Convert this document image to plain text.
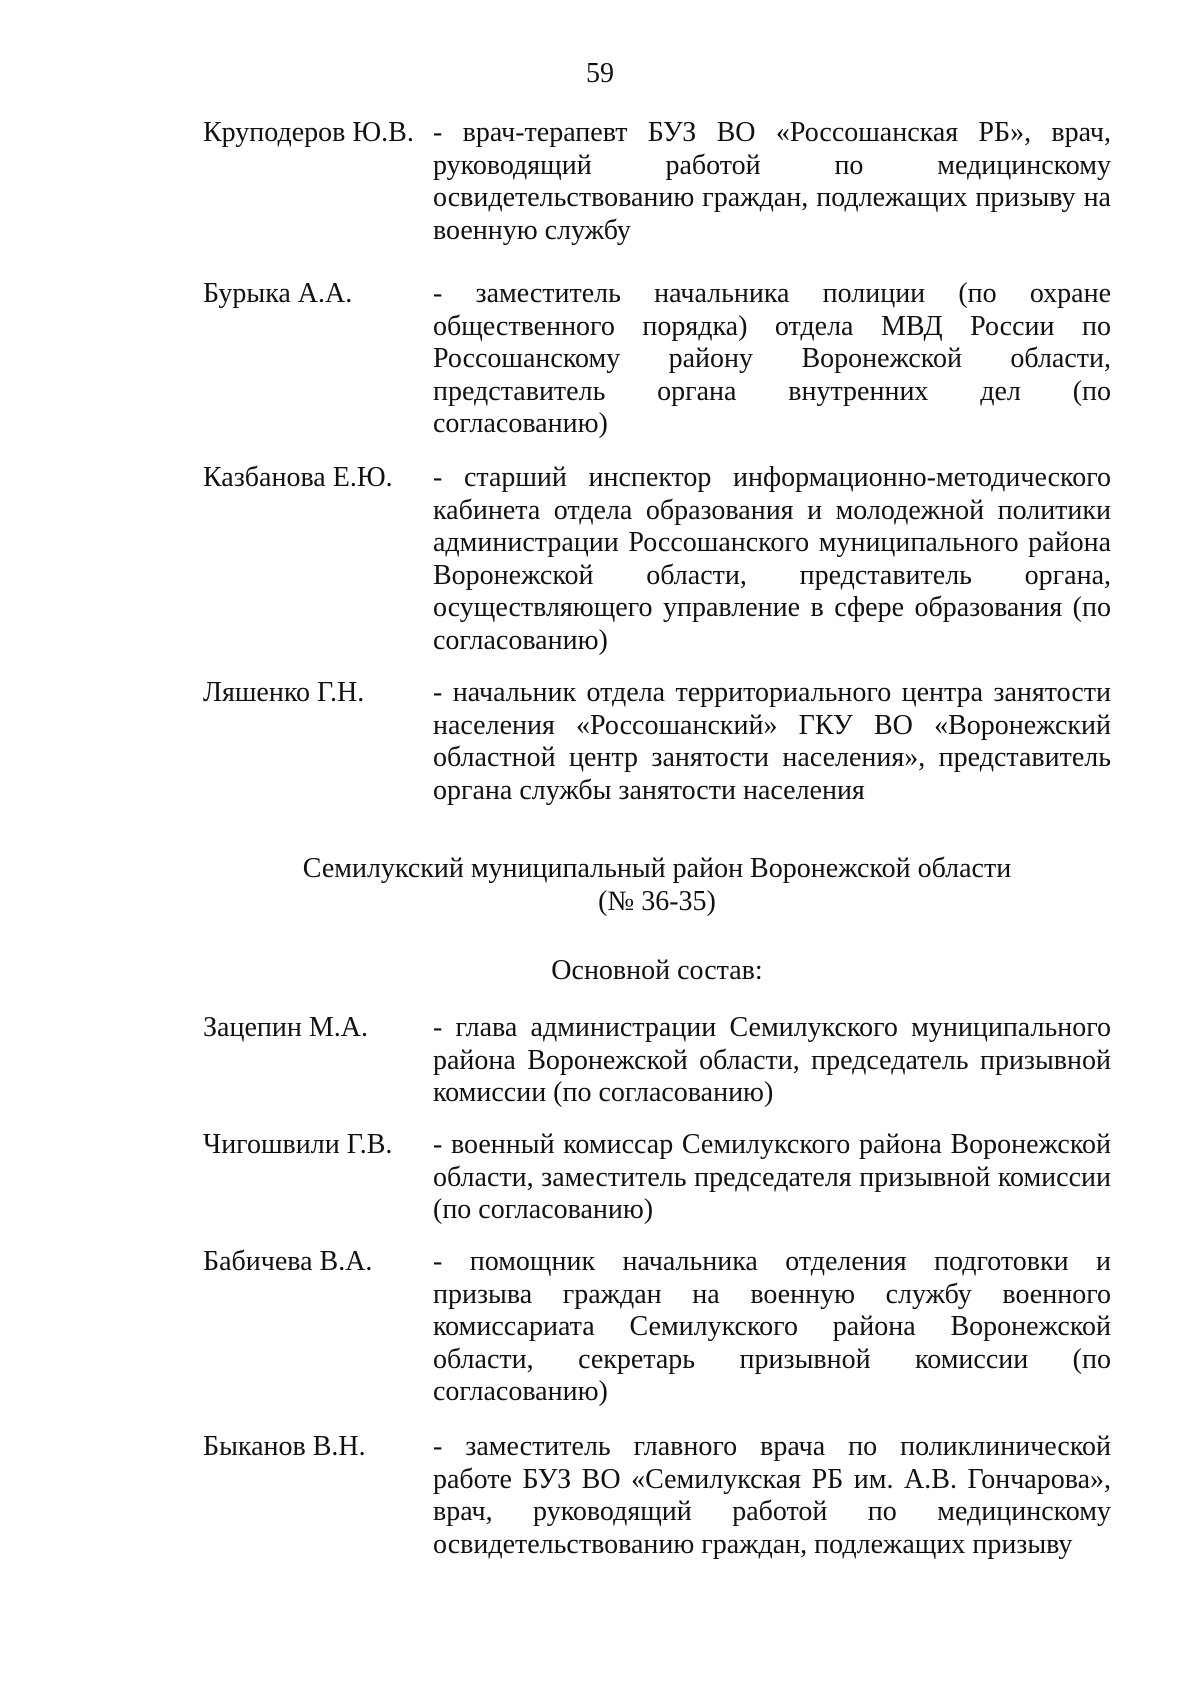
59
Круподеров Ю.В. - врач-терапевт БУЗ ВО «Россошанская РБ», врач, руководящий работой по медицинскому освидетельствованию граждан, подлежащих призыву на военную службу
Бурыка А.А.	- заместитель начальника полиции (по охране общественного порядка) отдела МВД России по Россошанскому району Воронежской области, представитель органа внутренних дел (по согласованию)
Казбанова Е.Ю. - старший инспектор информационно-методического кабинета отдела образования и молодежной политики администрации Россошанского муниципального района Воронежской области, представитель органа, осуществляющего управление в сфере образования (по согласованию)
Ляшенко Г.Н. - начальник отдела территориального центра занятости населения «Россошанский» ГКУ ВО «Воронежский областной центр занятости населения», представитель органа службы занятости населения
Семилукский муниципальный район Воронежской области
(№ 36-35)
Основной состав:
Зацепин М.А. - глава администрации Семилукского муниципального района Воронежской области, председатель призывной комиссии (по согласованию)
Чигошвили Г.В. - военный комиссар Семилукского района Воронежской области, заместитель председателя призывной комиссии (по согласованию)
Бабичева В.А. - помощник начальника отделения подготовки и призыва граждан на военную службу военного комиссариата Семилукского района Воронежской области, секретарь призывной комиссии (по согласованию)
Быканов В.Н. - заместитель главного врача по поликлинической работе БУЗ ВО «Семилукская РБ им. А.В. Гончарова», врач, руководящий работой по медицинскому освидетельствованию граждан, подлежащих призыву
